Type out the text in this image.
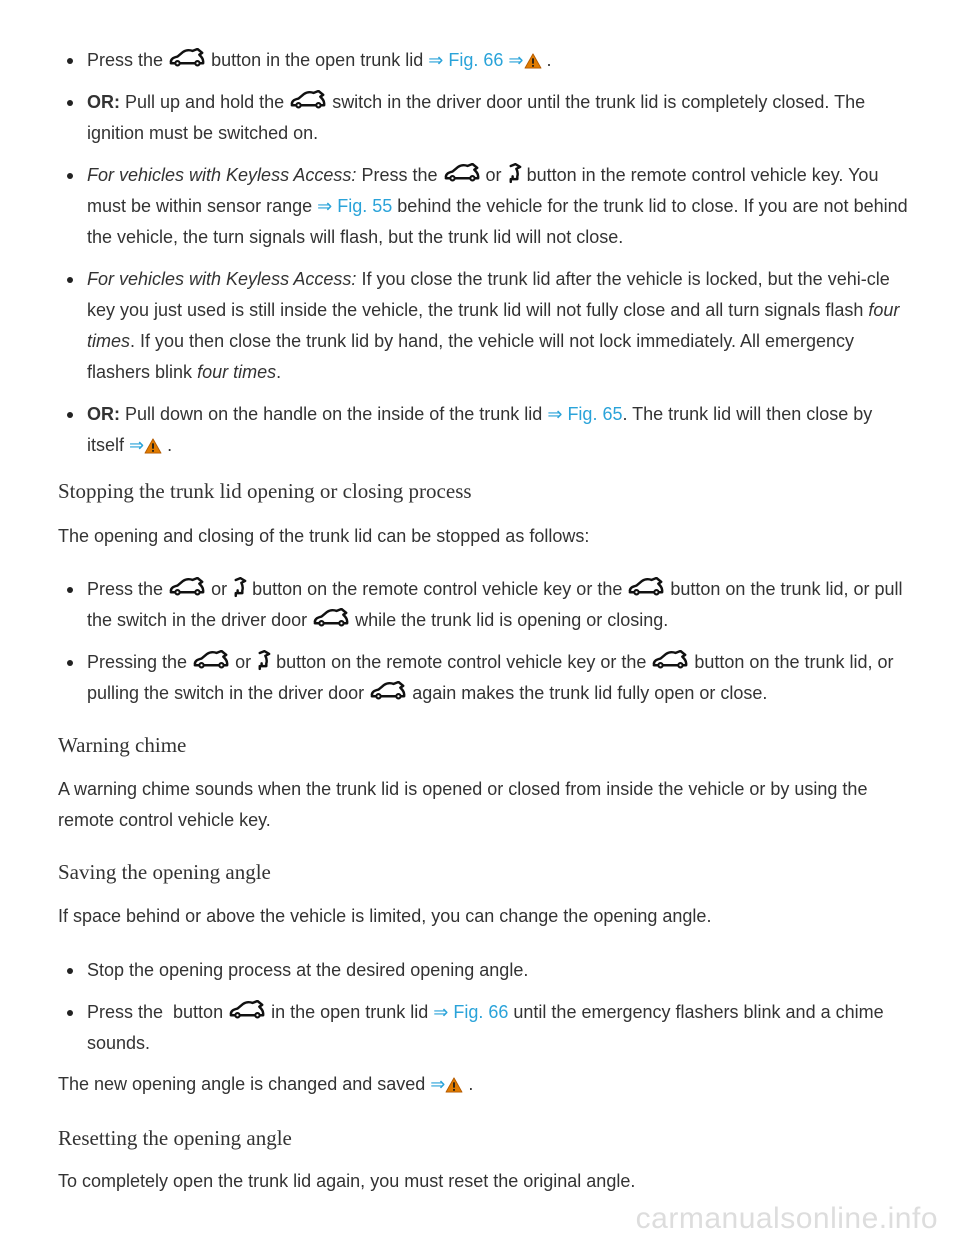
Press the	button in the open trunk lid ⇒ Fig. 66 ⇒ .
OR: Pull up and hold the	switch in the driver door until the trunk lid is completely closed. The ignition must be switched on.
For vehicles with Keyless Access: Press the	or button in the remote control vehicle key. You must be within sensor range ⇒ Fig. 55 behind the vehicle for the trunk lid to close. If you are not behind the vehicle, the turn signals will flash, but the trunk lid will not close.
For vehicles with Keyless Access: If you close the trunk lid after the vehicle is locked, but the vehi-cle key you just used is still inside the vehicle, the trunk lid will not fully close and all turn signals flash four times. If you then close the trunk lid by hand, the vehicle will not lock immediately. All emergency flashers blink four times.
OR: Pull down on the handle on the inside of the trunk lid ⇒ Fig. 65. The trunk lid will then close by itself ⇒ .
Stopping the trunk lid opening or closing process

The opening and closing of the trunk lid can be stopped as follows:

Press the	or button on the remote control vehicle key or the	button on the trunk lid, or pull the switch in the driver door	while the trunk lid is opening or closing.
Pressing the	or button on the remote control vehicle key or the	button on the trunk lid, or pulling the switch in the driver door	again makes the trunk lid fully open or close.
Warning chime

A warning chime sounds when the trunk lid is opened or closed from inside the vehicle or by using the remote control vehicle key.

Saving the opening angle

If space behind or above the vehicle is limited, you can change the opening angle.

Stop the opening process at the desired opening angle.
Press the  button	in the open trunk lid ⇒ Fig. 66 until the emergency flashers blink and a chime sounds.

The new opening angle is changed and saved ⇒ .

Resetting the opening angle

To completely open the trunk lid again, you must reset the original angle.

carmanualsonline.info
